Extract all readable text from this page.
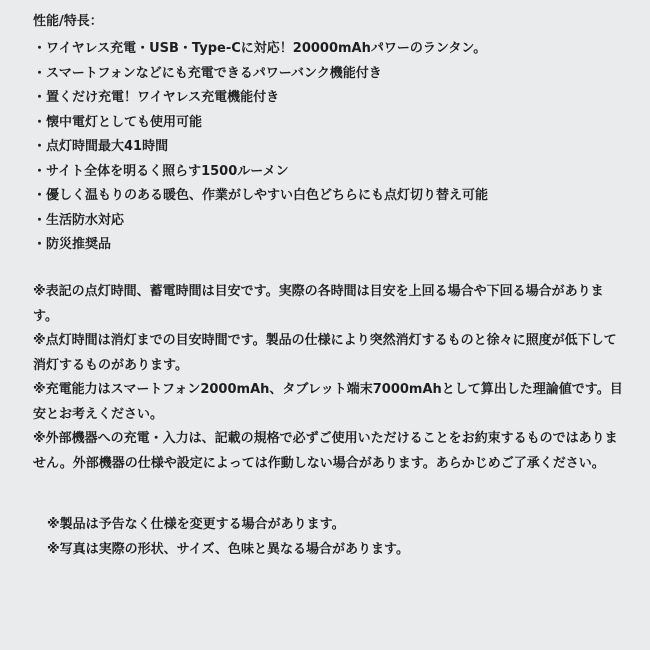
性能/特長：
・ワイヤレス充電・USB・Type-Cに対応！20000mAhパワーのランタン。
・スマートフォンなどにも充電できるパワーバンク機能付き
・置くだけ充電！ワイヤレス充電機能付き
・懐中電灯としても使用可能
・点灯時間最大41時間
・サイト全体を明るく照らす1500ルーメン
・優しく温もりのある暖色、作業がしやすい白色どちらにも点灯切り替え可能
・生活防水対応
・防災推奨品

※表記の点灯時間、蓄電時間は目安です。実際の各時間は目安を上回る場合や下回る場合があります。

※点灯時間は消灯までの目安時間です。製品の仕様により突然消灯するものと徐々に照度が低下して消灯するものがあります。

※充電能力はスマートフォン2000mAh、タブレット端末7000mAhとして算出した理論値です。目安とお考えください。

※外部機器への充電・入力は、記載の規格で必ずご使用いただけることをお約束するものではありません。外部機器の仕様や設定によっては作動しない場合があります。あらかじめご了承ください。

※製品は予告なく仕様を変更する場合があります。

※写真は実際の形状、サイズ、色味と異なる場合があります。
